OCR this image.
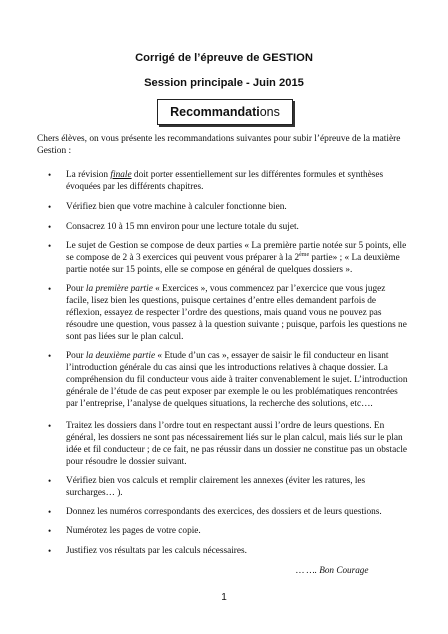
Corrigé de l’épreuve de GESTION
Session principale - Juin 2015
Recommandations
Chers élèves, on vous présente les recommandations suivantes pour subir l’épreuve de la matière Gestion :
• La révision finale doit porter essentiellement sur les différentes formules et synthèses évoquées par les différents chapitres.
• Vérifiez bien que votre machine à calculer fonctionne bien.
• Consacrez 10 à 15 mn environ pour une lecture totale du sujet.
• Le sujet de Gestion se compose de deux parties « La première partie notée sur 5 points, elle se compose de 2 à 3 exercices qui peuvent vous préparer à la 2ème partie» ; « La deuxième partie notée sur 15 points, elle se compose en général de quelques dossiers ».
• Pour la première partie « Exercices », vous commencez par l’exercice que vous jugez facile, lisez bien les questions, puisque certaines d’entre elles demandent parfois de réflexion, essayez de respecter l’ordre des questions, mais quand vous ne pouvez pas résoudre une question, vous passez à la question suivante ; puisque, parfois les questions ne sont pas liées sur le plan calcul.
• Pour la deuxième partie « Etude d’un cas », essayer de saisir le fil conducteur en lisant l’introduction générale du cas ainsi que les introductions relatives à chaque dossier. La compréhension du fil conducteur vous aide à traiter convenablement le sujet. L’introduction générale de l’étude de cas peut exposer par exemple le ou les problématiques rencontrées par l’entreprise, l’analyse de quelques situations, la recherche des solutions, etc….
• Traitez les dossiers dans l’ordre tout en respectant aussi l’ordre de leurs questions. En général, les dossiers ne sont pas nécessairement liés sur le plan calcul, mais liés sur le plan idée et fil conducteur ; de ce fait, ne pas réussir dans un dossier ne constitue pas un obstacle pour résoudre le dossier suivant.
• Vérifiez bien vos calculs et remplir clairement les annexes (éviter les ratures, les surcharges… ).
• Donnez les numéros correspondants des exercices, des dossiers et de leurs questions.
• Numérotez les pages de votre copie.
• Justifiez vos résultats par les calculs nécessaires.
… …. Bon Courage
1
